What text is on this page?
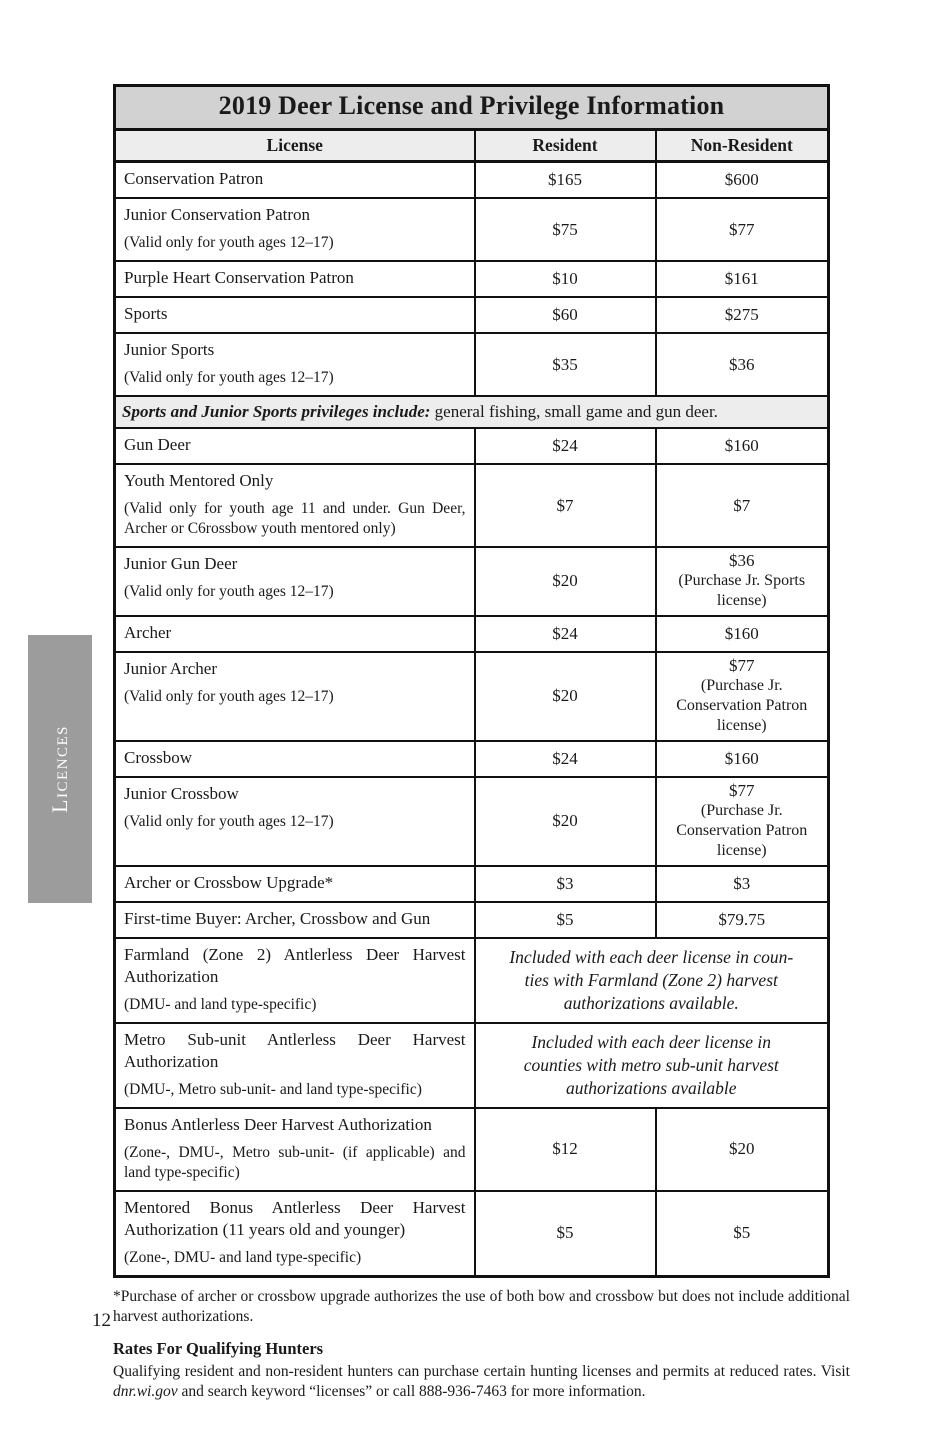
Licences
2019 Deer License and Privilege Information		
License	Resident	Non-Resident

Conservation Patron	$165	$600

Junior Conservation Patron
(Valid only for youth ages 12–17)	$75	$77

Purple Heart Conservation Patron	$10	$161

Sports	$60	$275

Junior Sports
(Valid only for youth ages 12–17)	$35	$36
Sports and Junior Sports privileges include: general fishing, small game and gun deer.		

Gun Deer	$24	$160

Youth Mentored Only
(Valid only for youth age 11 and under. Gun Deer, Archer or C6rossbow youth mentored only)	$7	$7

Junior Gun Deer
(Valid only for youth ages 12–17)
	$20	$36
(Purchase Jr. Sports license)

Archer	$24	$160

Junior Archer
(Valid only for youth ages 12–17)	$20	$77
(Purchase Jr. Conservation Patron license)

Crossbow	$24	$160

Junior Crossbow
(Valid only for youth ages 12–17)	$20	$77
(Purchase Jr. Conservation Patron license)

Archer or Crossbow Upgrade*	$3	$3

First-time Buyer: Archer, Crossbow and Gun	$5	$79.75

Farmland (Zone 2) Antlerless Deer Harvest Authorization
(DMU- and land type-specific)
	Included with each deer license in coun-
ties with Farmland (Zone 2) harvest
authorizations available.

Metro Sub-unit Antlerless Deer Harvest Authorization
(DMU-, Metro sub-unit- and land type-specific)
	Included with each deer license in
counties with metro sub-unit harvest
authorizations available

Bonus Antlerless Deer Harvest Authorization
(Zone-, DMU-, Metro sub-unit- (if applicable) and land type-specific)	$12	$20

Mentored Bonus Antlerless Deer Harvest Authorization (11 years old and younger)
(Zone-, DMU- and land type-specific)	$5	$5
*Purchase of archer or crossbow upgrade authorizes the use of both bow and crossbow but does not include additional harvest authorizations.
Rates For Qualifying Hunters
Qualifying resident and non-resident hunters can purchase certain hunting licenses and permits at reduced rates. Visit dnr.wi.gov and search keyword “licenses” or call 888-936-7463 for more information.
12
